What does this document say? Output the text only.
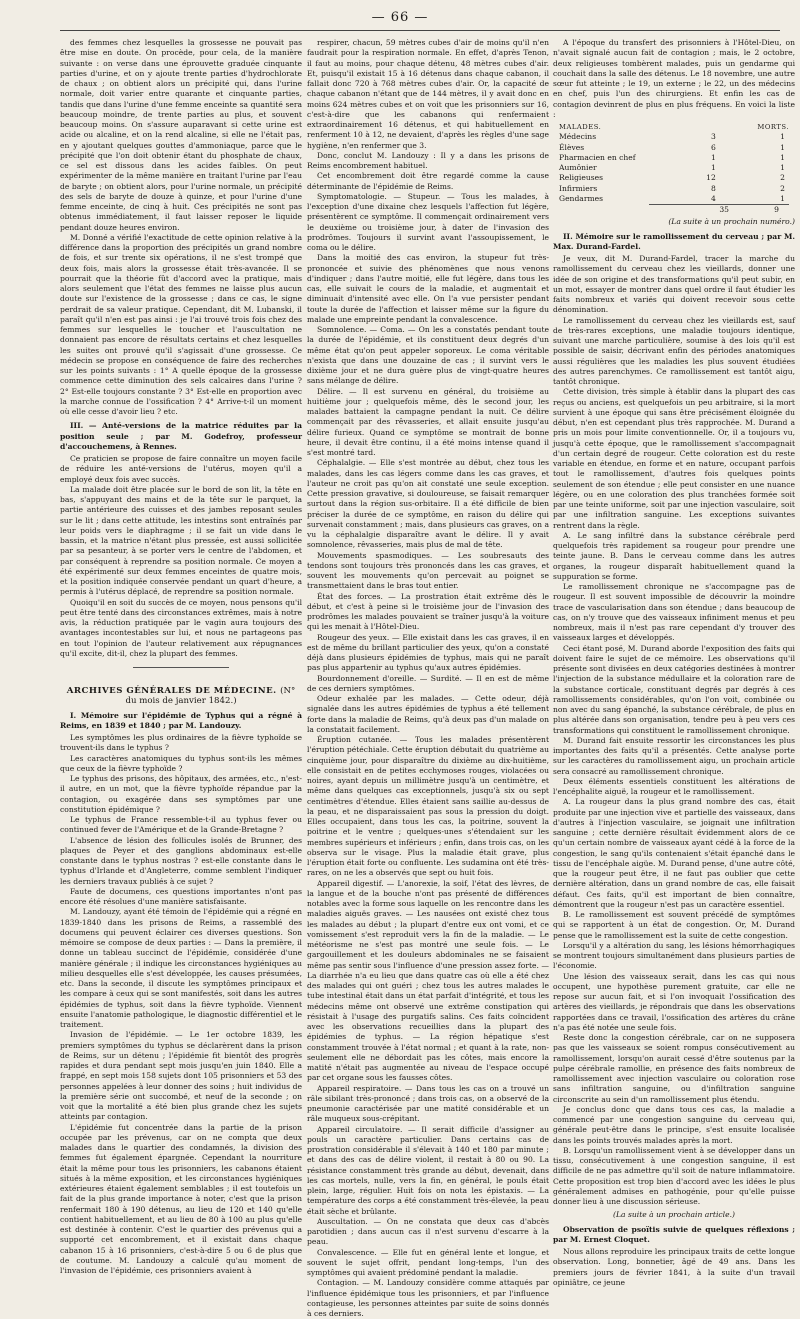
— 66 —

des femmes chez lesquelles la grossesse ne pouvait pas être mise en doute. On procède, pour cela, de la manière suivante : on verse dans une éprouvette graduée cinquante parties d'urine, et on y ajoute trente parties d'hydrochlorate de chaux ; on obtient alors un précipité qui, dans l'urine normale, doit varier entre quarante et cinquante parties, tandis que dans l'urine d'une femme enceinte sa quantité sera beaucoup moindre, de trente parties au plus, et souvent beaucoup moins. On s'assure auparavant si cette urine est acide ou alcaline, et on la rend alcaline, si elle ne l'était pas, en y ajoutant quelques gouttes d'ammoniaque, parce que le précipité que l'on doit obtenir étant du phosphate de chaux, ce sel est dissous dans les acides faibles. On peut expérimenter de la même manière en traitant l'urine par l'eau de baryte ; on obtient alors, pour l'urine normale, un précipité des sels de baryte de douze à quinze, et pour l'urine d'une femme enceinte, de cinq à huit. Ces précipités ne sont pas obtenus immédiatement, il faut laisser reposer le liquide pendant douze heures environ.

M. Donné a vérifié l'exactitude de cette opinion relative à la différence dans la proportion des précipités un grand nombre de fois, et sur trente six opérations, il ne s'est trompé que deux fois, mais alors la grossesse était très-avancée. Il se pourrait que la théorie fût d'accord avec la pratique, mais alors seulement que l'état des femmes ne laisse plus aucun doute sur l'existence de la grossesse ; dans ce cas, le signe perdrait de sa valeur pratique. Cependant, dit M. Lubanski, il paraît qu'il n'en est pas ainsi : je l'ai trouvé trois fois chez des femmes sur lesquelles le toucher et l'auscultation ne donnaient pas encore de résultats certains et chez lesquelles les suites ont prouvé qu'il s'agissait d'une grossesse. Ce médecin se propose en conséquence de faire des recherches sur les points suivants : 1° A quelle époque de la grossesse commence cette diminution des sels calcaires dans l'urine ? 2° Est-elle toujours constante ? 3° Est-elle en proportion avec la marche connue de l'ossification ? 4° Arrive-t-il un moment où elle cesse d'avoir lieu ? etc.

III. — Anté-versions de la matrice réduites par la position seule ; par M. Godefroy, professeur d'accouchemens, à Rennes.

Ce praticien se propose de faire connaître un moyen facile de réduire les anté-versions de l'utérus, moyen qu'il a employé deux fois avec succès.

La malade doit être placée sur le bord de son lit, la tête en bas, s'appuyant des mains et de la tête sur le parquet, la partie antérieure des cuisses et des jambes reposant seules sur le lit ; dans cette attitude, les intestins sont entraînés par leur poids vers le diaphragme ; il se fait un vide dans le bassin, et la matrice n'étant plus pressée, est aussi sollicitée par sa pesanteur, à se porter vers le centre de l'abdomen, et par conséquent à reprendre sa position normale. Ce moyen a été expérimenté sur deux femmes enceintes de quatre mois, et la position indiquée conservée pendant un quart d'heure, a permis à l'utérus déplacé, de reprendre sa position normale.

Quoiqu'il en soit du succès de ce moyen, nous pensons qu'il peut être tenté dans des circonstances extrêmes, mais à notre avis, la réduction pratiquée par le vagin aura toujours des avantages incontestables sur lui, et nous ne partageons pas en tout l'opinion de l'auteur relativement aux répugnances qu'il excite, dit-il, chez la plupart des femmes.

ARCHIVES GÉNÉRALES DE MÉDECINE. (N° du mois de janvier 1842.)
I. Mémoire sur l'épidémie de Typhus qui a régné à Reims, en 1839 et 1840 ; par M. Landouzy.

Les symptômes les plus ordinaires de la fièvre typhoïde se trouvent-ils dans le typhus ?

Les caractères anatomiques du typhus sont-ils les mêmes que ceux de la fièvre typhoïde ?

Le typhus des prisons, des hôpitaux, des armées, etc., n'est-il autre, en un mot, que la fièvre typhoïde répandue par la contagion, ou exagérée dans ses symptômes par une constitution épidémique ?

Le typhus de France ressemble-t-il au typhus fever ou continued fever de l'Amérique et de la Grande-Bretagne ?

L'absence de lésion des follicules isolés de Brunner, des plaques de Peyer et des ganglions abdominaux est-elle constante dans le typhus nostras ? est-elle constante dans le typhus d'Irlande et d'Angleterre, comme semblent l'indiquer les derniers travaux publiés à ce sujet ?

Faute de documens, ces questions importantes n'ont pas encore été résolues d'une manière satisfaisante.

M. Landouzy, ayant été témoin de l'épidémie qui a régné en 1839-1840 dans les prisons de Reims, a rassemblé des documens qui peuvent éclairer ces diverses questions. Son mémoire se compose de deux parties : — Dans la première, il donne un tableau succinct de l'épidémie, considérée d'une manière générale ; il indique les circonstances hygiéniques au milieu desquelles elle s'est développée, les causes présumées, etc. Dans la seconde, il discute les symptômes principaux et les compare à ceux qui se sont manifestés, soit dans les autres épidémies de typhus, soit dans la fièvre typhoïde. Viennent ensuite l'anatomie pathologique, le diagnostic différentiel et le traitement.

Invasion de l'épidémie. — Le 1er octobre 1839, les premiers symptômes du typhus se déclarèrent dans la prison de Reims, sur un détenu ; l'épidémie fit bientôt des progrès rapides et dura pendant sept mois jusqu'en juin 1840. Elle a frappé, en sept mois 158 sujets dont 105 prisonniers et 53 des personnes appelées à leur donner des soins ; huit individus de la première série ont succombé, et neuf de la seconde ; on voit que la mortalité a été bien plus grande chez les sujets atteints par contagion.

L'épidémie fut concentrée dans la partie de la prison occupée par les prévenus, car on ne compta que deux malades dans le quartier des condamnés, la division des femmes fut également épargnée. Cependant la nourriture était la même pour tous les prisonniers, les cabanons étaient situés à la même exposition, et les circonstances hygiéniques extérieures étaient également semblables ; il est toutefois un fait de la plus grande importance à noter, c'est que la prison renfermait 180 à 190 détenus, au lieu de 120 et 140 qu'elle contient habituellement, et au lieu de 80 à 100 au plus qu'elle est destinée à contenir. C'est le quartier des prévenus qui a supporté cet encombrement, et il existait dans chaque cabanon 15 à 16 prisonniers, c'est-à-dire 5 ou 6 de plus que de coutume. M. Landouzy a calculé qu'au moment de l'invasion de l'épidémie, ces prisonniers avaient à

respirer, chacun, 59 mètres cubes d'air de moins qu'il n'en faudrait pour la respiration normale. En effet, d'après Tenon, il faut au moins, pour chaque détenu, 48 mètres cubes d'air. Et, puisqu'il existait 15 à 16 détenus dans chaque cabanon, il fallait donc 720 à 768 mètres cubes d'air. Or, la capacité de chaque cabanon n'étant que de 144 mètres, il y avait donc en moins 624 mètres cubes et on voit que les prisonniers sur 16, c'est-à-dire que les cabanons qui renfermaient extraordinairement 16 détenus, et qui habituellement en renferment 10 à 12, ne devaient, d'après les règles d'une sage hygiène, n'en renfermer que 3.

Donc, conclut M. Landouzy : Il y a dans les prisons de Reims encombrement habituel.

Cet encombrement doit être regardé comme la cause déterminante de l'épidémie de Reims.

Symptomatologie. — Stupeur. — Tous les malades, à l'exception d'une dixaine chez lesquels l'affection fut légère, présentèrent ce symptôme. Il commençait ordinairement vers le deuxième ou troisième jour, à dater de l'invasion des prodrômes. Toujours il survint avant l'assoupissement, le coma ou le délire.

Dans la moitié des cas environ, la stupeur fut très-prononcée et suivie des phénomènes que nous venons d'indiquer ; dans l'autre moitié, elle fut légère, dans tous les cas, elle suivait le cours de la maladie, et augmentait et diminuait d'intensité avec elle. On l'a vue persister pendant toute la durée de l'affection et laisser même sur la figure du malade une empreinte pendant la convalescence.

Somnolence. — Coma. — On les a constatés pendant toute la durée de l'épidémie, et ils constituent deux degrés d'un même état qu'on peut appeler soporeux. Le coma véritable n'exista que dans une douzaine de cas ; il survint vers le dixième jour et ne dura guère plus de vingt-quatre heures sans mélange de délire.

Délire. — Il est survenu en général, du troisième au huitième jour ; quelquefois même, dès le second jour, les malades battaient la campagne pendant la nuit. Ce délire commençait par des rêvasseries, et allait ensuite jusqu'au délire furieux. Quand ce symptôme se montrait de bonne heure, il devait être continu, il a été moins intense quand il s'est montré tard.

Céphalalgie. — Elle s'est montrée au début, chez tous les malades, dans les cas légers comme dans les cas graves, et l'auteur ne croit pas qu'on ait constaté une seule exception. Cette pression gravative, si douloureuse, se faisait remarquer surtout dans la région sus-orbitaire. Il a été difficile de bien préciser la durée de ce symptôme, en raison du délire qui survenait constamment ; mais, dans plusieurs cas graves, on a vu la céphalalgie disparaître avant le délire. Il y avait somnolence, rêvasseries, mais plus de mal de tête.

Mouvements spasmodiques. — Les soubresauts des tendons sont toujours très prononcés dans les cas graves, et souvent les mouvements qu'on percevait au poignet se transmettaient dans le bras tout entier.

État des forces. — La prostration était extrême dès le début, et c'est à peine si le troisième jour de l'invasion des prodrômes les malades pouvaient se traîner jusqu'à la voiture qui les menait à l'Hôtel-Dieu.

Rougeur des yeux. — Elle existait dans les cas graves, il en est de même du brillant particulier des yeux, qu'on a constaté déjà dans plusieurs épidémies de typhus, mais qui ne paraît pas plus appartenir au typhus qu'aux autres épidémies.

Bourdonnement d'oreille. — Surdité. — Il en est de même de ces derniers symptômes.

Odeur exhalée par les malades. — Cette odeur, déjà signalée dans les autres épidémies de typhus a été tellement forte dans la maladie de Reims, qu'à deux pas d'un malade on la constatait facilement.

Éruption cutanée. — Tous les malades présentèrent l'éruption pétéchiale. Cette éruption débutait du quatrième au cinquième jour, pour disparaître du dixième au dix-huitième, elle consistait en de petites ecchymoses rouges, violacées ou noires, ayant depuis un millimètre jusqu'à un centimètre, et même dans quelques cas exceptionnels, jusqu'à six ou sept centimètres d'étendue. Elles étaient sans saillie au-dessus de la peau, et ne disparaissaient pas sous la pression du doigt. Elles occupaient, dans tous les cas, la poitrine, souvent la poitrine et le ventre ; quelques-unes s'étendaient sur les membres supérieurs et inférieurs ; enfin, dans trois cas, on les observa sur le visage. Plus la maladie était grave, plus l'éruption était forte ou confluente. Les sudamina ont été très-rares, on ne les a observés que sept ou huit fois.

Appareil digestif. — L'anorexie, la soif, l'état des lèvres, de la langue et de la bouche n'ont pas présenté de différences notables avec la forme sous laquelle on les rencontre dans les maladies aiguës graves. — Les nausées ont existé chez tous les malades au début ; la plupart d'entre eux ont vomi, et ce vomissement s'est reproduit vers la fin de la maladie. — Le météorisme ne s'est pas montré une seule fois. — Le gargouillement et les douleurs abdominales ne se faisaient même pas sentir sous l'influence d'une pression assez forte. — La diarrhée n'a eu lieu que dans quatre cas où elle a été chez des malades qui ont guéri ; chez tous les autres malades le tube intestinal était dans un état parfait d'intégrité, et tous les médecins même ont observé une extrême constipation qui résistait à l'usage des purgatifs salins. Ces faits coïncident avec les observations recueillies dans la plupart des épidémies de typhus. — La région hépatique s'est constamment trouvée à l'état normal ; et quant à la rate, non-seulement elle ne débordait pas les côtes, mais encore la matité n'était pas augmentée au niveau de l'espace occupé par cet organe sous les fausses côtes.

Appareil respiratoire. — Dans tous les cas on a trouvé un râle sibilant très-prononcé ; dans trois cas, on a observé de la pneumonie caractérisée par une matité considérable et un râle muqueux sous-crépitant.

Appareil circulatoire. — Il serait difficile d'assigner au pouls un caractère particulier. Dans certains cas de prostration considérable il s'élevait à 140 et 180 par minute ; et dans des cas de délire violent, il restait à 80 ou 90. La résistance constamment très grande au début, devenait, dans les cas mortels, nulle, vers la fin, en général, le pouls était plein, large, régulier. Huit fois on nota les épistaxis. — La température des corps a été constamment très-élevée, la peau était sèche et brûlante.

Auscultation. — On ne constata que deux cas d'abcès parotidien ; dans aucun cas il n'est survenu d'escarre à la peau.

Convalescence. — Elle fut en général lente et longue, et souvent le sujet offrit, pendant long-temps, l'un des symptômes qui avaient prédominé pendant la maladie.

Contagion. — M. Landouzy considère comme attaqués par l'influence épidémique tous les prisonniers, et par l'influence contagieuse, les personnes atteintes par suite de soins donnés à ces derniers.

A l'époque du transfert des prisonniers à l'Hôtel-Dieu, on n'avait signalé aucun fait de contagion ; mais, le 2 octobre, deux religieuses tombèrent malades, puis un gendarme qui couchait dans la salle des détenus. Le 18 novembre, une autre sœur fut atteinte ; le 19, un externe ; le 22, un des médecins en chef, puis l'un des chirurgiens. Et enfin les cas de contagion devinrent de plus en plus fréquens. En voici la liste :

MALADES.	MORTS.
Médecins	3	1
Élèves	6	1
Pharmacien en chef	1	1
Aumônier	1	1
Religieuses	12	2
Infirmiers	8	2
Gendarmes	4	1
35	9
(La suite à un prochain numéro.)
II. Mémoire sur le ramollissement du cerveau ; par M. Max. Durand-Fardel.

Je veux, dit M. Durand-Fardel, tracer la marche du ramollissement du cerveau chez les vieillards, donner une idée de son origine et des transformations qu'il peut subir, en un mot, essayer de montrer dans quel ordre il faut étudier les faits nombreux et variés qui doivent recevoir sous cette dénomination.

Le ramollissement du cerveau chez les vieillards est, sauf de très-rares exceptions, une maladie toujours identique, suivant une marche particulière, soumise à des lois qu'il est possible de saisir, décrivant enfin des périodes anatomiques aussi régulières que les maladies les plus souvent étudiées des autres parenchymes. Ce ramollissement est tantôt aigu, tantôt chronique.

Cette division, très simple à établir dans la plupart des cas reçus ou anciens, est quelquefois un peu arbitraire, si la mort survient à une époque qui sans être précisément éloignée du début, n'en est cependant plus très rapprochée. M. Durand a pris un mois pour limite conventionnelle. Or, il a toujours vu, jusqu'à cette époque, que le ramollissement s'accompagnait d'un certain degré de rougeur. Cette coloration est du reste variable en étendue, en forme et en nature, occupant parfois tout le ramollissement, d'autres fois quelques points seulement de son étendue ; elle peut consister en une nuance légère, ou en une coloration des plus tranchées formée soit par une teinte uniforme, soit par une injection vasculaire, soit par une infiltration sanguine. Les exceptions suivantes rentrent dans la règle.

A. Le sang infiltré dans la substance cérébrale perd quelquefois très rapidement sa rougeur pour prendre une teinte jaune. B. Dans le cerveau comme dans les autres organes, la rougeur disparaît habituellement quand la suppuration se forme.

Le ramollissement chronique ne s'accompagne pas de rougeur. Il est souvent impossible de découvrir la moindre trace de vascularisation dans son étendue ; dans beaucoup de cas, on n'y trouve que des vaisseaux infiniment menus et peu nombreux, mais il n'est pas rare cependant d'y trouver des vaisseaux larges et développés.

Ceci étant posé, M. Durand aborde l'exposition des faits qui doivent faire le sujet de ce mémoire. Les observations qu'il présente sont divisées en deux catégories destinées à montrer l'injection de la substance médullaire et la coloration rare de la substance corticale, constituant degrés par degrés à ces ramollissements considérables, qu'on l'on voit, combinée ou non avec du sang épanché, la substance cérébrale, de plus en plus altérée dans son organisation, tendre peu à peu vers ces transformations qui constituent le ramollissement chronique.

M. Durand fait ensuite ressortir les circonstances les plus importantes des faits qu'il a présentés. Cette analyse porte sur les caractères du ramollissement aigu, un prochain article sera consacré au ramollissement chronique.

Deux éléments essentiels constituent les altérations de l'encéphalite aiguë, la rougeur et le ramollissement.

A. La rougeur dans la plus grand nombre des cas, était produite par une injection vive et partielle des vaisseaux, dans d'autres à l'injection vasculaire, se joignait une infiltration sanguine ; cette dernière résultait évidemment alors de ce qu'un certain nombre de vaisseaux ayant cédé à la force de la congestion, le sang qu'ils contenaient s'était épanché dans le tissu de l'encéphale aigüe. M. Durand pense, d'une autre côté, que la rougeur peut être, il ne faut pas oublier que cette dernière altération, dans un grand nombre de cas, elle faisait défaut. Ces faits, qu'il est important de bien connaître, démontrent que la rougeur n'est pas un caractère essentiel.

B. Le ramollissement est souvent précédé de symptômes qui se rapportent à un état de congestion. Or, M. Durand pense que le ramollissement est la suite de cette congestion.

Lorsqu'il y a altération du sang, les lésions hémorrhagiques se montrent toujours simultanément dans plusieurs parties de l'économie.

Une lésion des vaisseaux serait, dans les cas qui nous occupent, une hypothèse purement gratuite, car elle ne repose sur aucun fait, et si l'on invoquait l'ossification des artères des vieillards, je répondrais que dans les observations rapportées dans ce travail, l'ossification des artères du crâne n'a pas été notée une seule fois.

Reste donc la congestion cérébrale, car on ne supposera pas que les vaisseaux se soient rompus consécutivement au ramollissement, lorsqu'on aurait cessé d'être soutenus par la pulpe cérébrale ramollie, en présence des faits nombreux de ramollissement avec injection vasculaire ou coloration rose sans infiltration sanguine, ou d'infiltration sanguine circonscrite au sein d'un ramollissement plus étendu.

Je conclus donc que dans tous ces cas, la maladie a commencé par une congestion sanguine du cerveau qui, générale peut-être dans le principe, s'est ensuite localisée dans les points trouvés malades après la mort.

B. Lorsqu'un ramollissement vient à se développer dans un tissu, consécutivement à une congestion sanguine, il est difficile de ne pas admettre qu'il soit de nature inflammatoire. Cette proposition est trop bien d'accord avec les idées le plus généralement admises en pathogénie, pour qu'elle puisse donner lieu à une discussion sérieuse.

(La suite à un prochain article.)
Observation de psoïtis suivie de quelques réflexions ; par M. Ernest Cloquet.

Nous allons reproduire les principaux traits de cette longue observation. Long, bonnetier, âgé de 49 ans. Dans les premiers jours de février 1841, à la suite d'un travail opiniâtre, ce jeune
